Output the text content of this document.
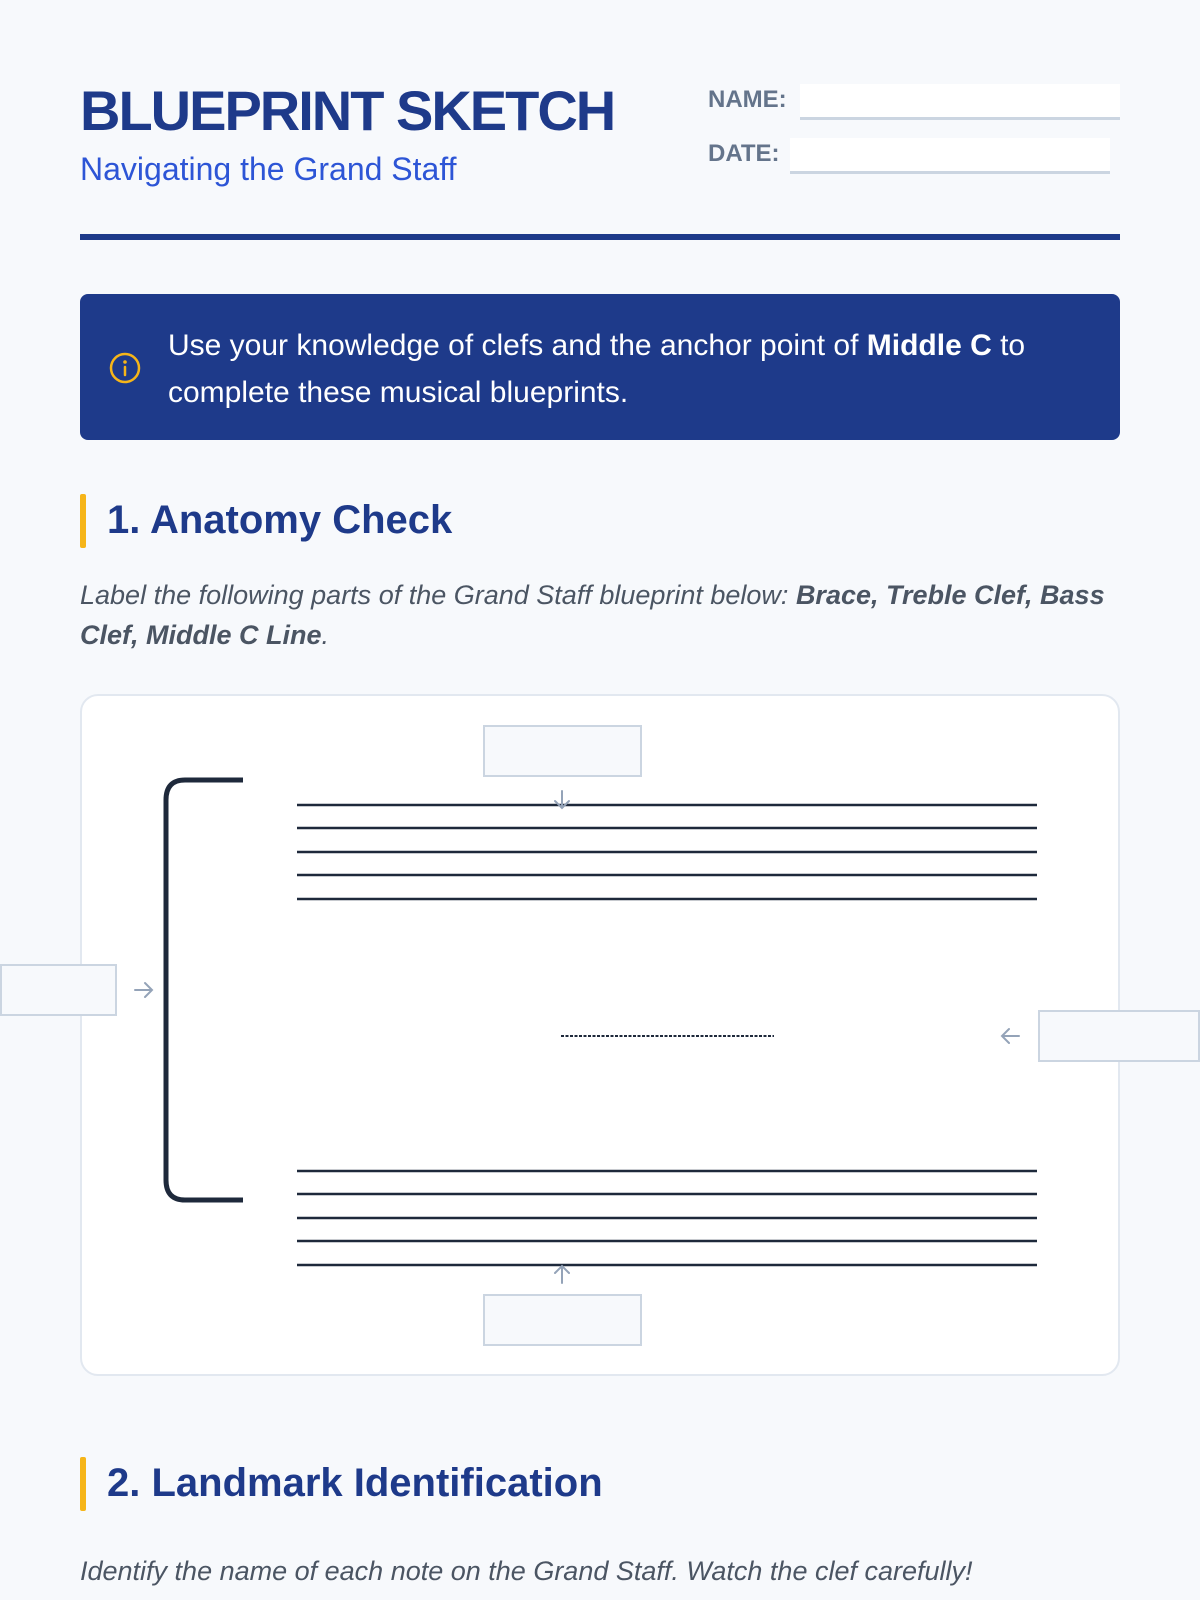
BLUEPRINT SKETCH

Navigating the Grand Staff

NAME:
DATE:
Use your knowledge of clefs and the anchor point of Middle C to complete these musical blueprints.
1. Anatomy Check

Label the following parts of the Grand Staff blueprint below: Brace, Treble Clef, Bass Clef, Middle C Line.

2. Landmark Identification

Identify the name of each note on the Grand Staff. Watch the clef carefully!
